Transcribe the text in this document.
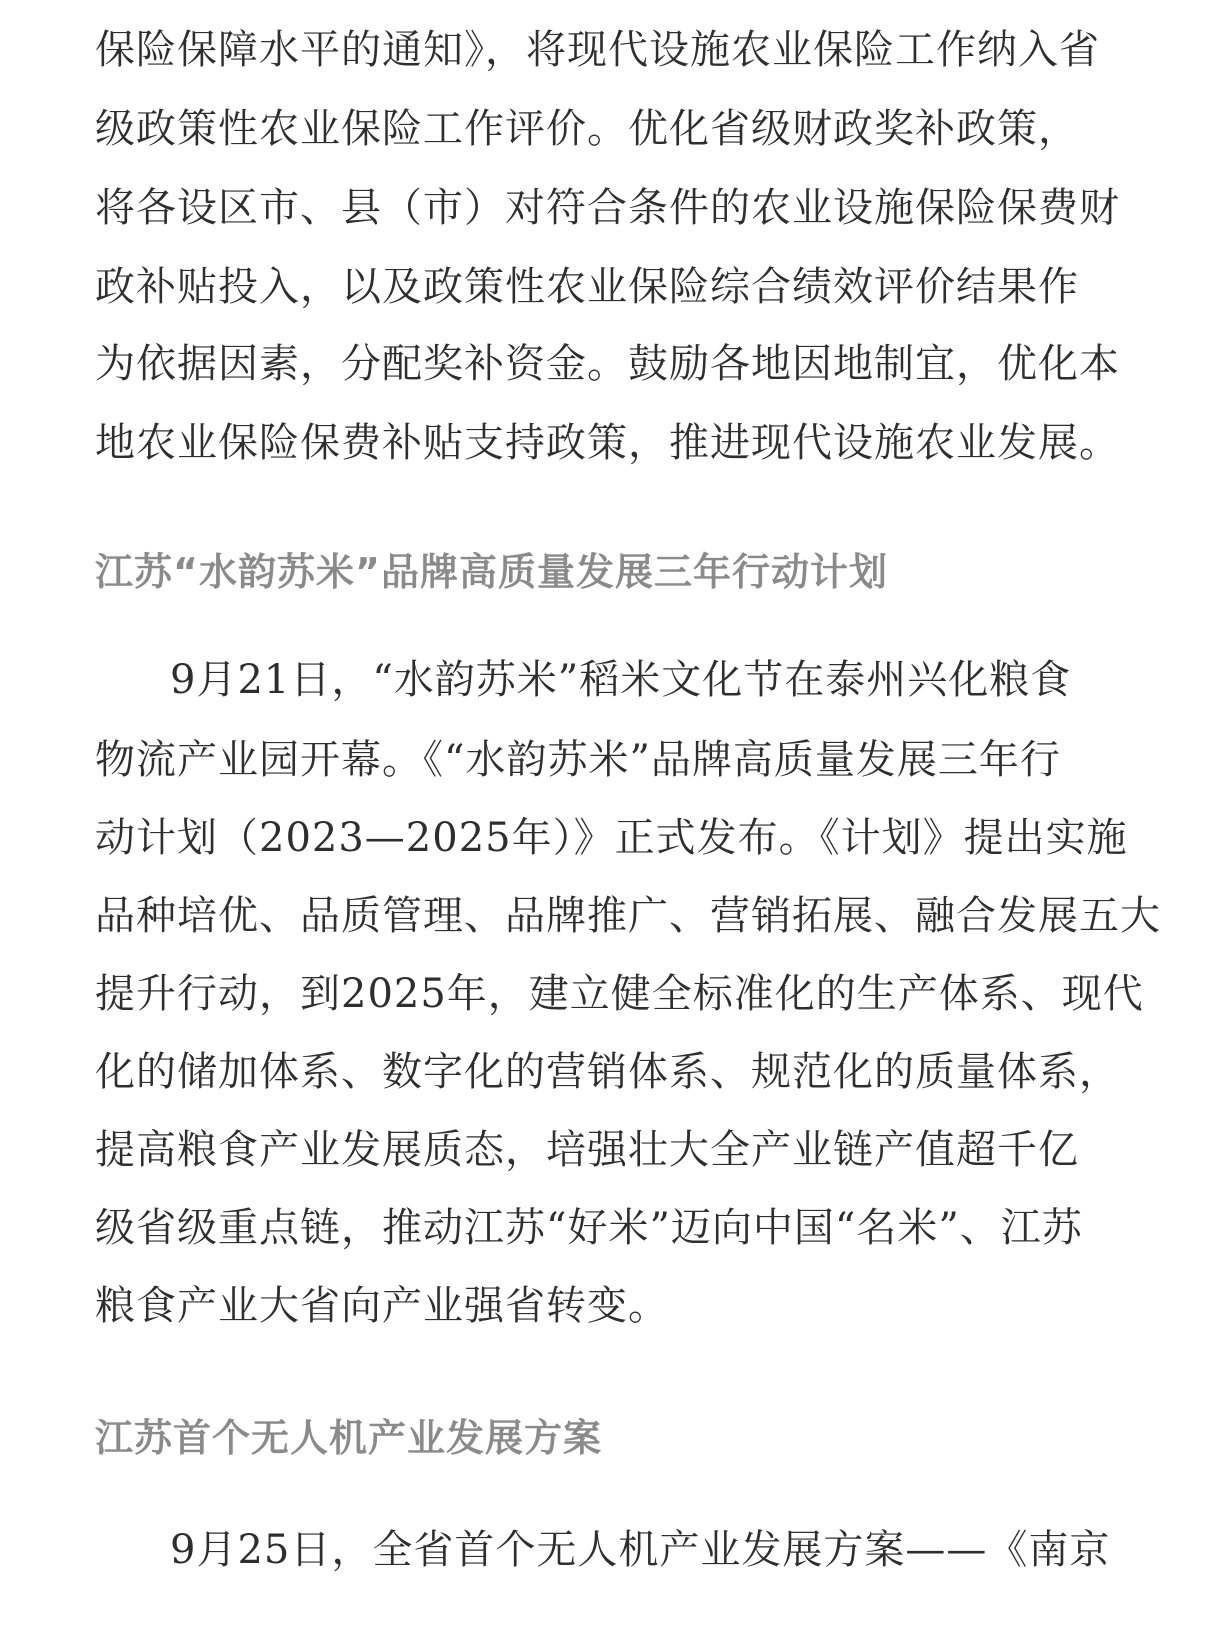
保险保障水平的通知》，将现代设施农业保险工作纳入省
级政策性农业保险工作评价。优化省级财政奖补政策，
将各设区市、县（市）对符合条件的农业设施保险保费财
政补贴投入，以及政策性农业保险综合绩效评价结果作
为依据因素，分配奖补资金。鼓励各地因地制宜，优化本
地农业保险保费补贴支持政策，推进现代设施农业发展。
江苏“水韵苏米”品牌高质量发展三年行动计划
9月21日，“水韵苏米”稻米文化节在泰州兴化粮食
物流产业园开幕。《“水韵苏米”品牌高质量发展三年行
动计划（2023—2025年）》正式发布。《计划》提出实施
品种培优、品质管理、品牌推广、营销拓展、融合发展五大
提升行动，到2025年，建立健全标准化的生产体系、现代
化的储加体系、数字化的营销体系、规范化的质量体系，
提高粮食产业发展质态，培强壮大全产业链产值超千亿
级省级重点链，推动江苏“好米”迈向中国“名米”、江苏
粮食产业大省向产业强省转变。
江苏首个无人机产业发展方案
9月25日，全省首个无人机产业发展方案——《南京
